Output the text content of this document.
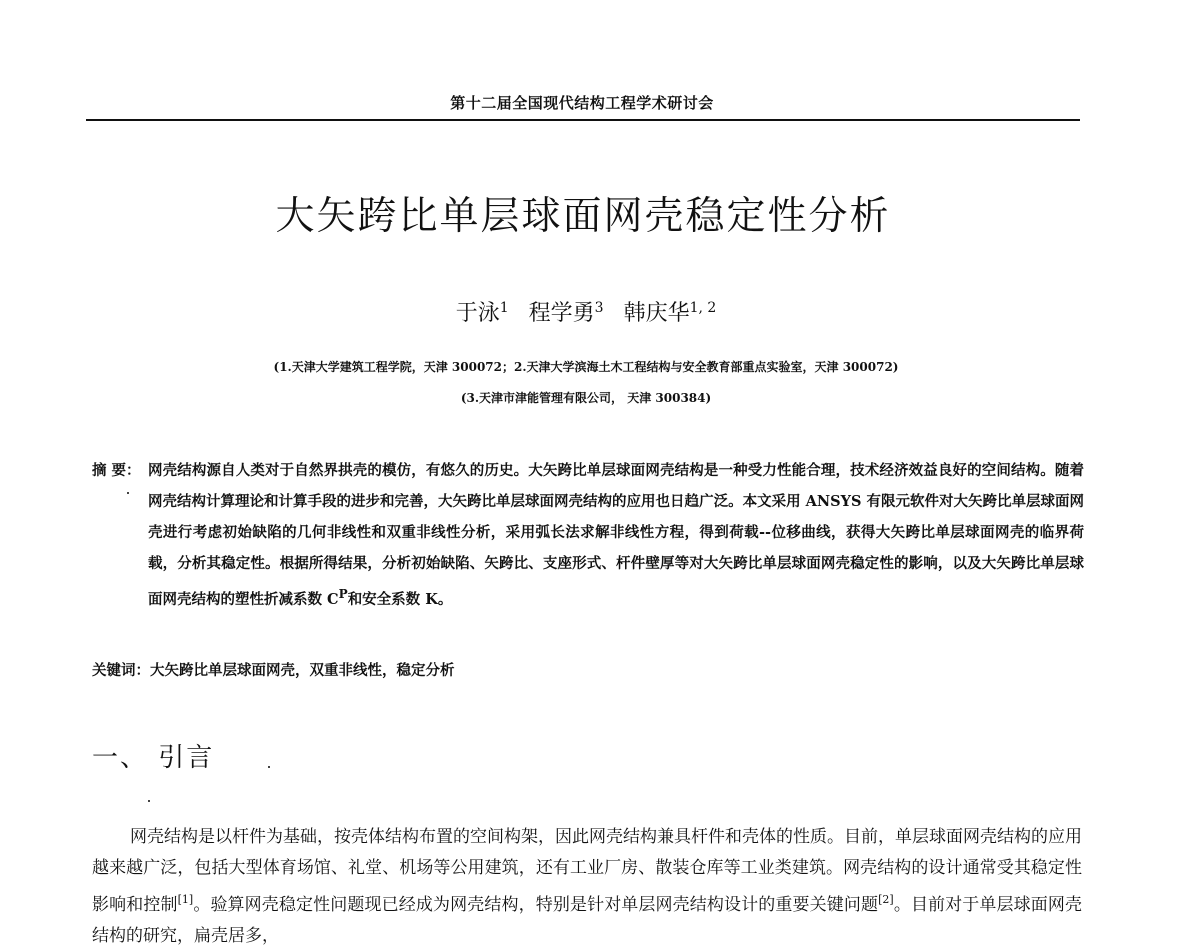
第十二届全国现代结构工程学术研讨会
大矢跨比单层球面网壳稳定性分析
于泳$^1$ 程学勇$^3$ 韩庆华$^{1, 2}$
(1.天津大学建筑工程学院，天津 300072；2.天津大学滨海土木工程结构与安全教育部重点实验室，天津 300072)
(3.天津市津能管理有限公司， 天津 300384)
摘 要： 网壳结构源自人类对于自然界拱壳的模仿，有悠久的历史。大矢跨比单层球面网壳结构是一种受力性能合理，技术经济效益良好的空间结构。随着网壳结构计算理论和计算手段的进步和完善，大矢跨比单层球面网壳结构的应用也日趋广泛。本文采用 ANSYS 有限元软件对大矢跨比单层球面网壳进行考虑初始缺陷的几何非线性和双重非线性分析，采用弧长法求解非线性方程，得到荷载--位移曲线，获得大矢跨比单层球面网壳的临界荷载，分析其稳定性。根据所得结果，分析初始缺陷、矢跨比、支座形式、杆件壁厚等对大矢跨比单层球面网壳稳定性的影响，以及大矢跨比单层球面网壳结构的塑性折减系数 $C^P$和安全系数 K。
关键词：大矢跨比单层球面网壳，双重非线性，稳定分析
一、 引言
网壳结构是以杆件为基础，按壳体结构布置的空间构架，因此网壳结构兼具杆件和壳体的性质。目前，单层球面网壳结构的应用越来越广泛，包括大型体育场馆、礼堂、机场等公用建筑，还有工业厂房、散装仓库等工业类建筑。网壳结构的设计通常受其稳定性影响和控制[1]。验算网壳稳定性问题现已经成为网壳结构，特别是针对单层网壳结构设计的重要关键问题[2]。目前对于单层球面网壳结构的研究，扁壳居多，
